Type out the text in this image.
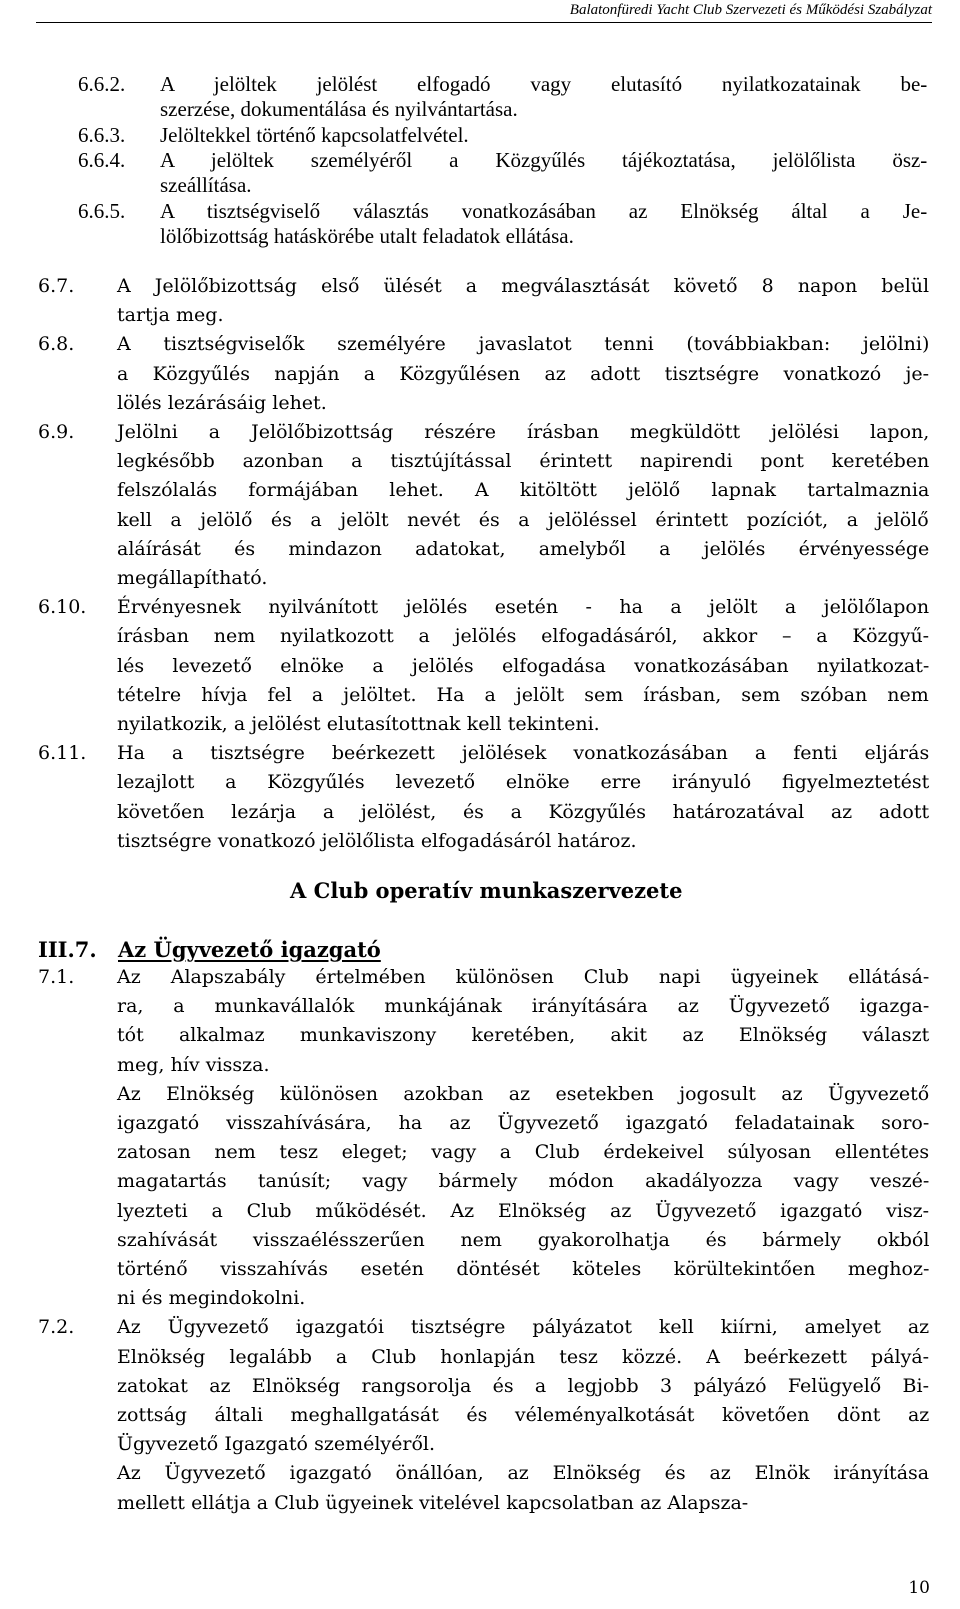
Balatonfüredi Yacht Club Szervezeti és Működési Szabályzat
6.6.2. A jelöltek jelölést elfogadó vagy elutasító nyilatkozatainak be-
szerzése, dokumentálása és nyilvántartása.
6.6.3. Jelöltekkel történő kapcsolatfelvétel.
6.6.4. A jelöltek személyéről a Közgyűlés tájékoztatása, jelölőlista ösz-
szeállítása.
6.6.5. A tisztségviselő választás vonatkozásában az Elnökség által a Je-
lölőbizottság hatáskörébe utalt feladatok ellátása.
6.7. A Jelölőbizottság első ülését a megválasztását követő 8 napon belül
tartja meg.
6.8. A tisztségviselők személyére javaslatot tenni (továbbiakban: jelölni)
a Közgyűlés napján a Közgyűlésen az adott tisztségre vonatkozó je-
lölés lezárásáig lehet.
6.9. Jelölni a Jelölőbizottság részére írásban megküldött jelölési lapon,
legkésőbb azonban a tisztújítással érintett napirendi pont keretében
felszólalás formájában lehet. A kitöltött jelölő lapnak tartalmaznia
kell a jelölő és a jelölt nevét és a jelöléssel érintett pozíciót, a jelölő
aláírását és mindazon adatokat, amelyből a jelölés érvényessége
megállapítható.
6.10. Érvényesnek nyilvánított jelölés esetén - ha a jelölt a jelölőlapon
írásban nem nyilatkozott a jelölés elfogadásáról, akkor – a Közgyű-
lés levezető elnöke a jelölés elfogadása vonatkozásában nyilatkozat-
tételre hívja fel a jelöltet. Ha a jelölt sem írásban, sem szóban nem
nyilatkozik, a jelölést elutasítottnak kell tekinteni.
6.11. Ha a tisztségre beérkezett jelölések vonatkozásában a fenti eljárás
lezajlott a Közgyűlés levezető elnöke erre irányuló figyelmeztetést
követően lezárja a jelölést, és a Közgyűlés határozatával az adott
tisztségre vonatkozó jelölőlista elfogadásáról határoz.
7.1. Az Alapszabály értelmében különösen Club napi ügyeinek ellátásá-
ra, a munkavállalók munkájának irányítására az Ügyvezető igazga-
tót alkalmaz munkaviszony keretében, akit az Elnökség választ
meg, hív vissza.
Az Elnökség különösen azokban az esetekben jogosult az Ügyvezető
igazgató visszahívására, ha az Ügyvezető igazgató feladatainak soro-
zatosan nem tesz eleget; vagy a Club érdekeivel súlyosan ellentétes
magatartás tanúsít; vagy bármely módon akadályozza vagy veszé-
lyezteti a Club működését. Az Elnökség az Ügyvezető igazgató visz-
szahívását visszaélésszerűen nem gyakorolhatja és bármely okból
történő visszahívás esetén döntését köteles körültekintően meghoz-
ni és megindokolni.
7.2. Az Ügyvezető igazgatói tisztségre pályázatot kell kiírni, amelyet az
Elnökség legalább a Club honlapján tesz közzé. A beérkezett pályá-
zatokat az Elnökség rangsorolja és a legjobb 3 pályázó Felügyelő Bi-
zottság általi meghallgatását és véleményalkotását követően dönt az
Ügyvezető Igazgató személyéről.
Az Ügyvezető igazgató önállóan, az Elnökség és az Elnök irányítása
mellett ellátja a Club ügyeinek vitelével kapcsolatban az Alapsza-
A Club operatív munkaszervezete
III.7. Az Ügyvezető igazgató
10
